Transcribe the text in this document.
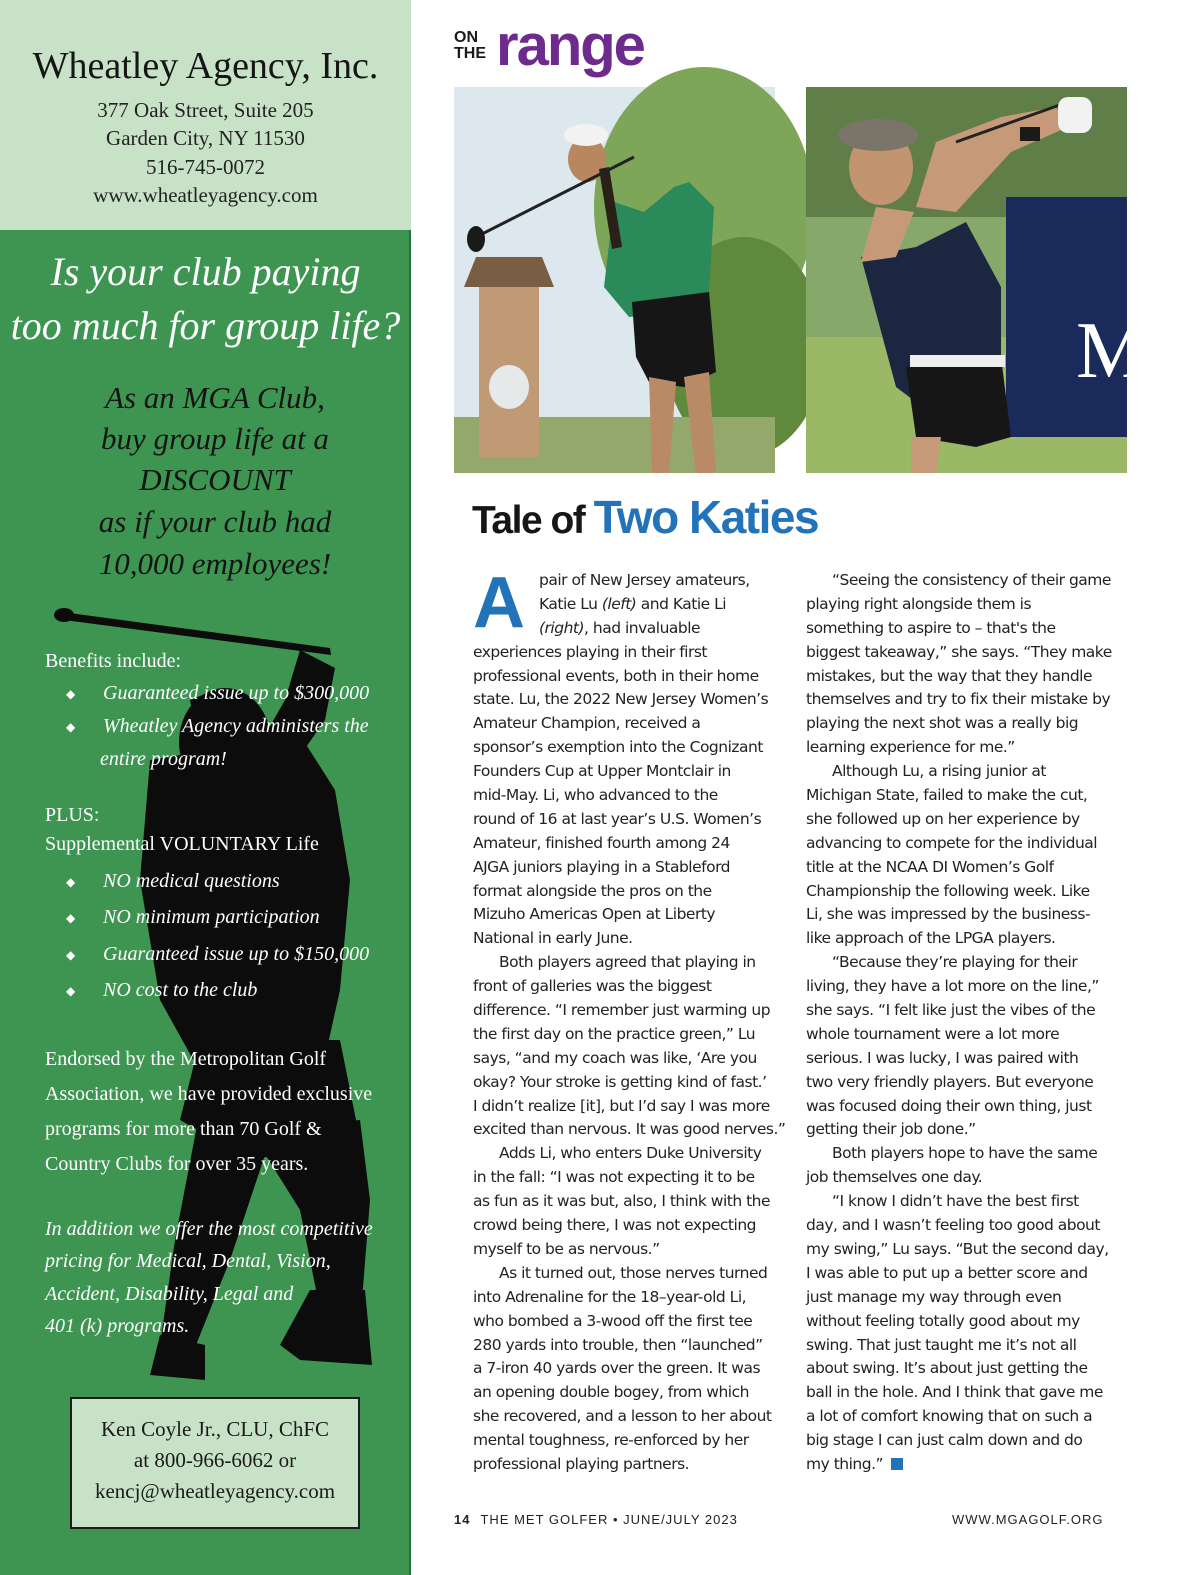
Wheatley Agency, Inc.
377 Oak Street, Suite 205
Garden City, NY 11530
516-745-0072
www.wheatleyagency.com
Is your club paying
too much for group life?
As an MGA Club,
buy group life at a
DISCOUNT
as if your club had
10,000 employees!
Benefits include:
◆ Guaranteed issue up to $300,000
◆ Wheatley Agency administers the
entire program!
PLUS:
Supplemental VOLUNTARY Life
◆ NO medical questions
◆ NO minimum participation
◆ Guaranteed issue up to $150,000
◆ NO cost to the club
Endorsed by the Metropolitan Golf
Association, we have provided exclusive
programs for more than 70 Golf &
Country Clubs for over 35 years.
In addition we offer the most competitive
pricing for Medical, Dental, Vision,
Accident, Disability, Legal and
401 (k) programs.
Ken Coyle Jr., CLU, ChFC
at 800-966-6062 or
kencj@wheatleyagency.com
ON THE range
M
Tale of Two Katies
A pair of New Jersey amateurs,
Katie Lu (left) and Katie Li
(right), had invaluable
experiences playing in their first
professional events, both in their home
state. Lu, the 2022 New Jersey Women’s
Amateur Champion, received a
sponsor’s exemption into the Cognizant
Founders Cup at Upper Montclair in
mid-May. Li, who advanced to the
round of 16 at last year’s U.S. Women’s
Amateur, finished fourth among 24
AJGA juniors playing in a Stableford
format alongside the pros on the
Mizuho Americas Open at Liberty
National in early June.
Both players agreed that playing in
front of galleries was the biggest
difference. “I remember just warming up
the first day on the practice green,” Lu
says, “and my coach was like, ‘Are you
okay? Your stroke is getting kind of fast.’
I didn’t realize [it], but I’d say I was more
excited than nervous. It was good nerves.”
Adds Li, who enters Duke University
in the fall: “I was not expecting it to be
as fun as it was but, also, I think with the
crowd being there, I was not expecting
myself to be as nervous.”
As it turned out, those nerves turned
into Adrenaline for the 18–year-old Li,
who bombed a 3-wood off the first tee
280 yards into trouble, then “launched”
a 7-iron 40 yards over the green. It was
an opening double bogey, from which
she recovered, and a lesson to her about
mental toughness, re-enforced by her
professional playing partners.
“Seeing the consistency of their game
playing right alongside them is
something to aspire to – that's the
biggest takeaway,” she says. “They make
mistakes, but the way that they handle
themselves and try to fix their mistake by
playing the next shot was a really big
learning experience for me.”
Although Lu, a rising junior at
Michigan State, failed to make the cut,
she followed up on her experience by
advancing to compete for the individual
title at the NCAA DI Women’s Golf
Championship the following week. Like
Li, she was impressed by the business-
like approach of the LPGA players.
“Because they’re playing for their
living, they have a lot more on the line,”
she says. “I felt like just the vibes of the
whole tournament were a lot more
serious. I was lucky, I was paired with
two very friendly players. But everyone
was focused doing their own thing, just
getting their job done.”
Both players hope to have the same
job themselves one day.
“I know I didn’t have the best first
day, and I wasn’t feeling too good about
my swing,” Lu says. “But the second day,
I was able to put up a better score and
just manage my way through even
without feeling totally good about my
swing. That just taught me it’s not all
about swing. It’s about just getting the
ball in the hole. And I think that gave me
a lot of comfort knowing that on such a
big stage I can just calm down and do
my thing.”
14 THE MET GOLFER • JUNE/JULY 2023	WWW.MGAGOLF.ORG
